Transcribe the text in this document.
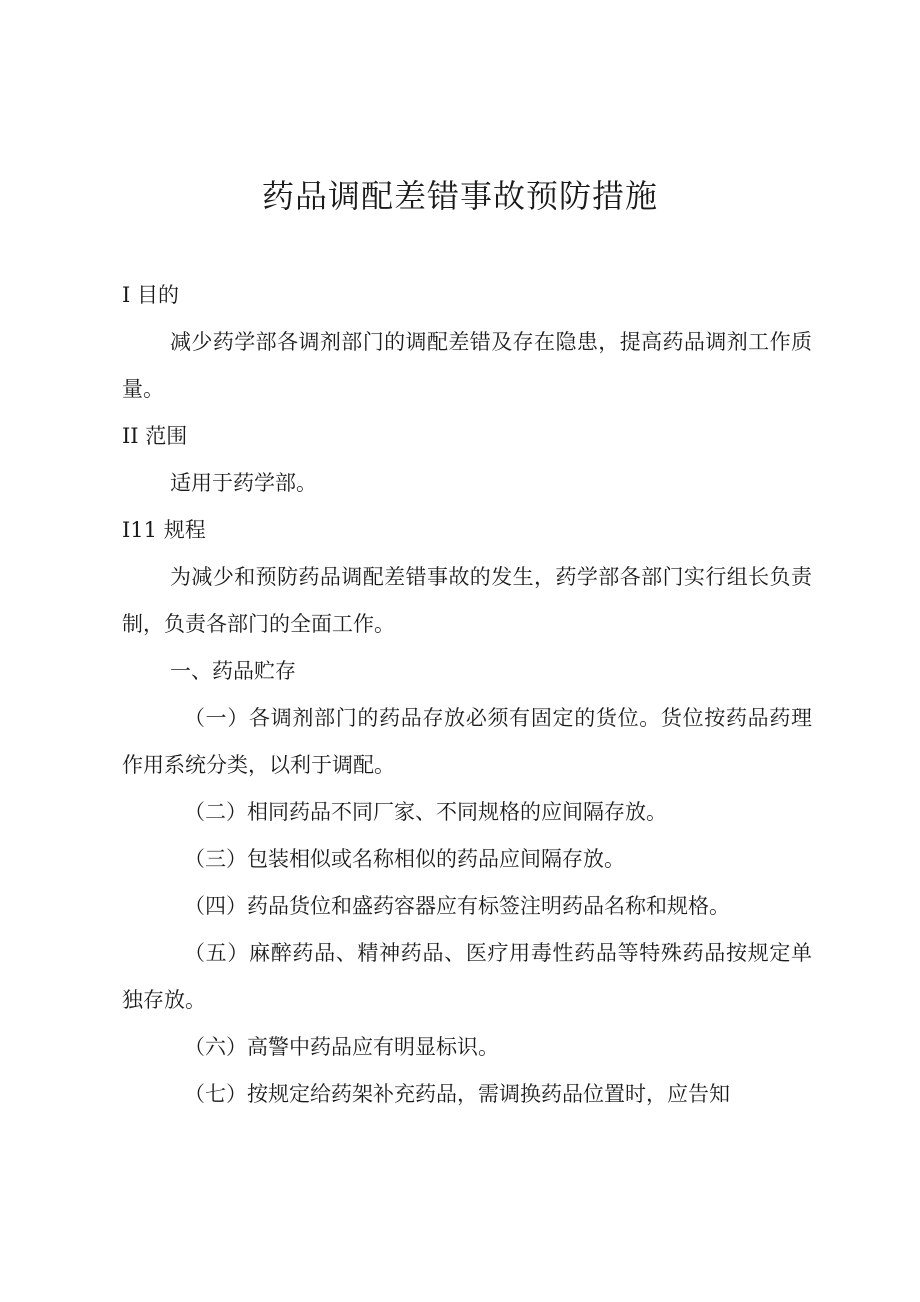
药品调配差错事故预防措施

I 目的

减少药学部各调剂部门的调配差错及存在隐患，提高药品调剂工作质量。

II 范围

适用于药学部。

I11 规程

为减少和预防药品调配差错事故的发生，药学部各部门实行组长负责制，负责各部门的全面工作。

一、药品贮存

（一）各调剂部门的药品存放必须有固定的货位。货位按药品药理作用系统分类，以利于调配。

（二）相同药品不同厂家、不同规格的应间隔存放。

（三）包装相似或名称相似的药品应间隔存放。

（四）药品货位和盛药容器应有标签注明药品名称和规格。

（五）麻醉药品、精神药品、医疗用毒性药品等特殊药品按规定单独存放。

（六）高警中药品应有明显标识。

（七）按规定给药架补充药品，需调换药品位置时，应告知
